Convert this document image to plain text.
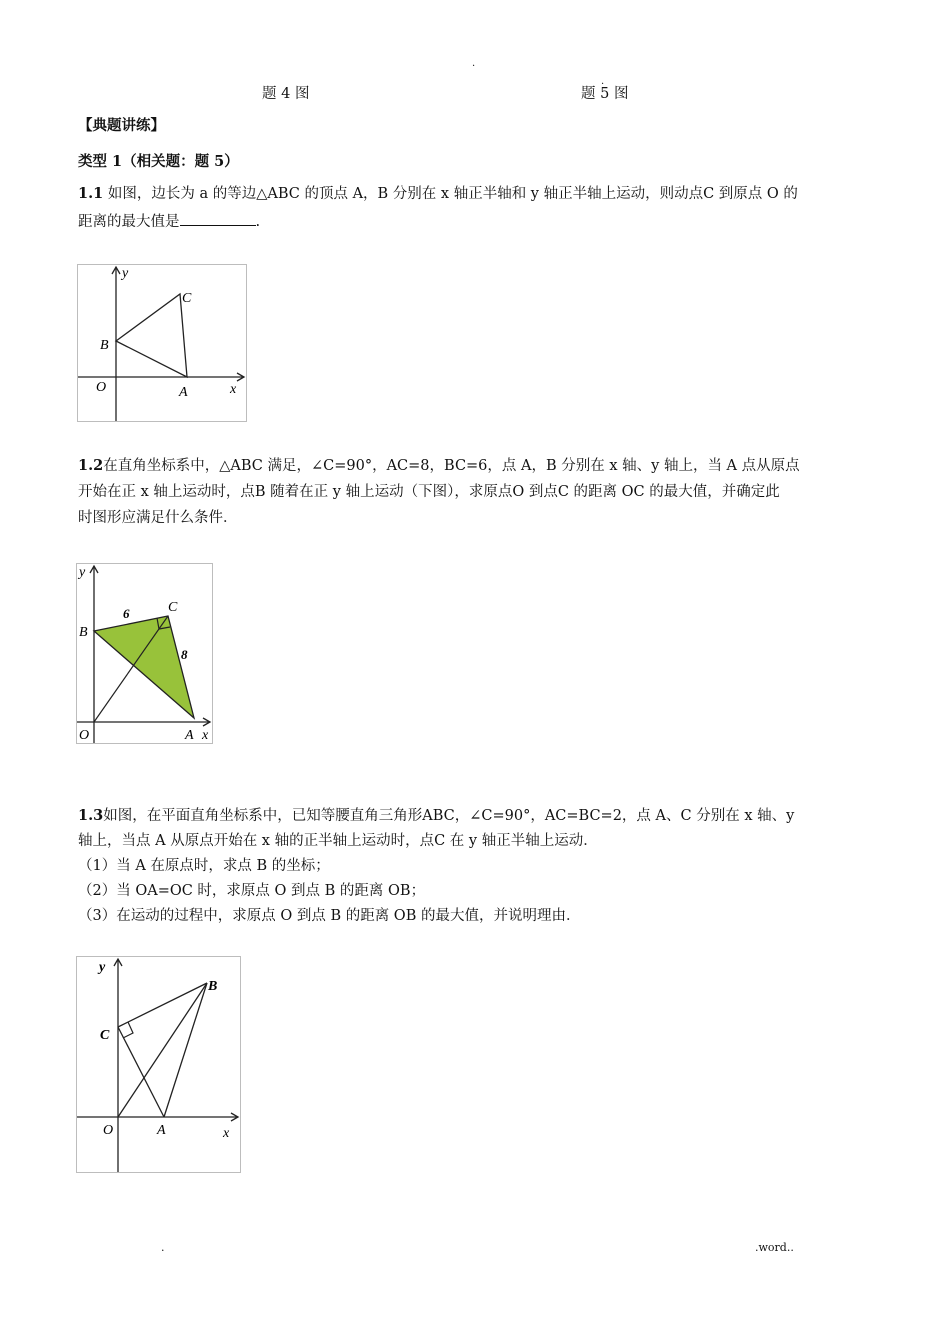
.
.
题 4 图	题 5 图
【典题讲练】
类型 1（相关题：题 5）
1.1 如图，边长为 a 的等边△ABC 的顶点 A，B 分别在 x 轴正半轴和 y 轴正半轴上运动，则动点C 到原点 O 的
距离的最大值是	.
y
x
O	A
B
C
1.2在直角坐标系中，△ABC 满足，∠C=90°，AC=8，BC=6，点 A，B 分别在 x 轴、y 轴上，当 A 点从原点
开始在正 x 轴上运动时，点B 随着在正 y 轴上运动（下图），求原点O 到点C 的距离 OC 的最大值，并确定此
时图形应满足什么条件．
y
x
O	A
B
C
6
8
1.3如图，在平面直角坐标系中，已知等腰直角三角形ABC，∠C=90°，AC=BC=2，点 A、C 分别在 x 轴、y
轴上，当点 A 从原点开始在 x 轴的正半轴上运动时，点C 在 y 轴正半轴上运动．
（1）当 A 在原点时，求点 B 的坐标；
（2）当 OA=OC 时，求原点 O 到点 B 的距离 OB；
（3）在运动的过程中，求原点 O 到点 B 的距离 OB 的最大值，并说明理由．
y
x
O	A
B
C
.	.word..
